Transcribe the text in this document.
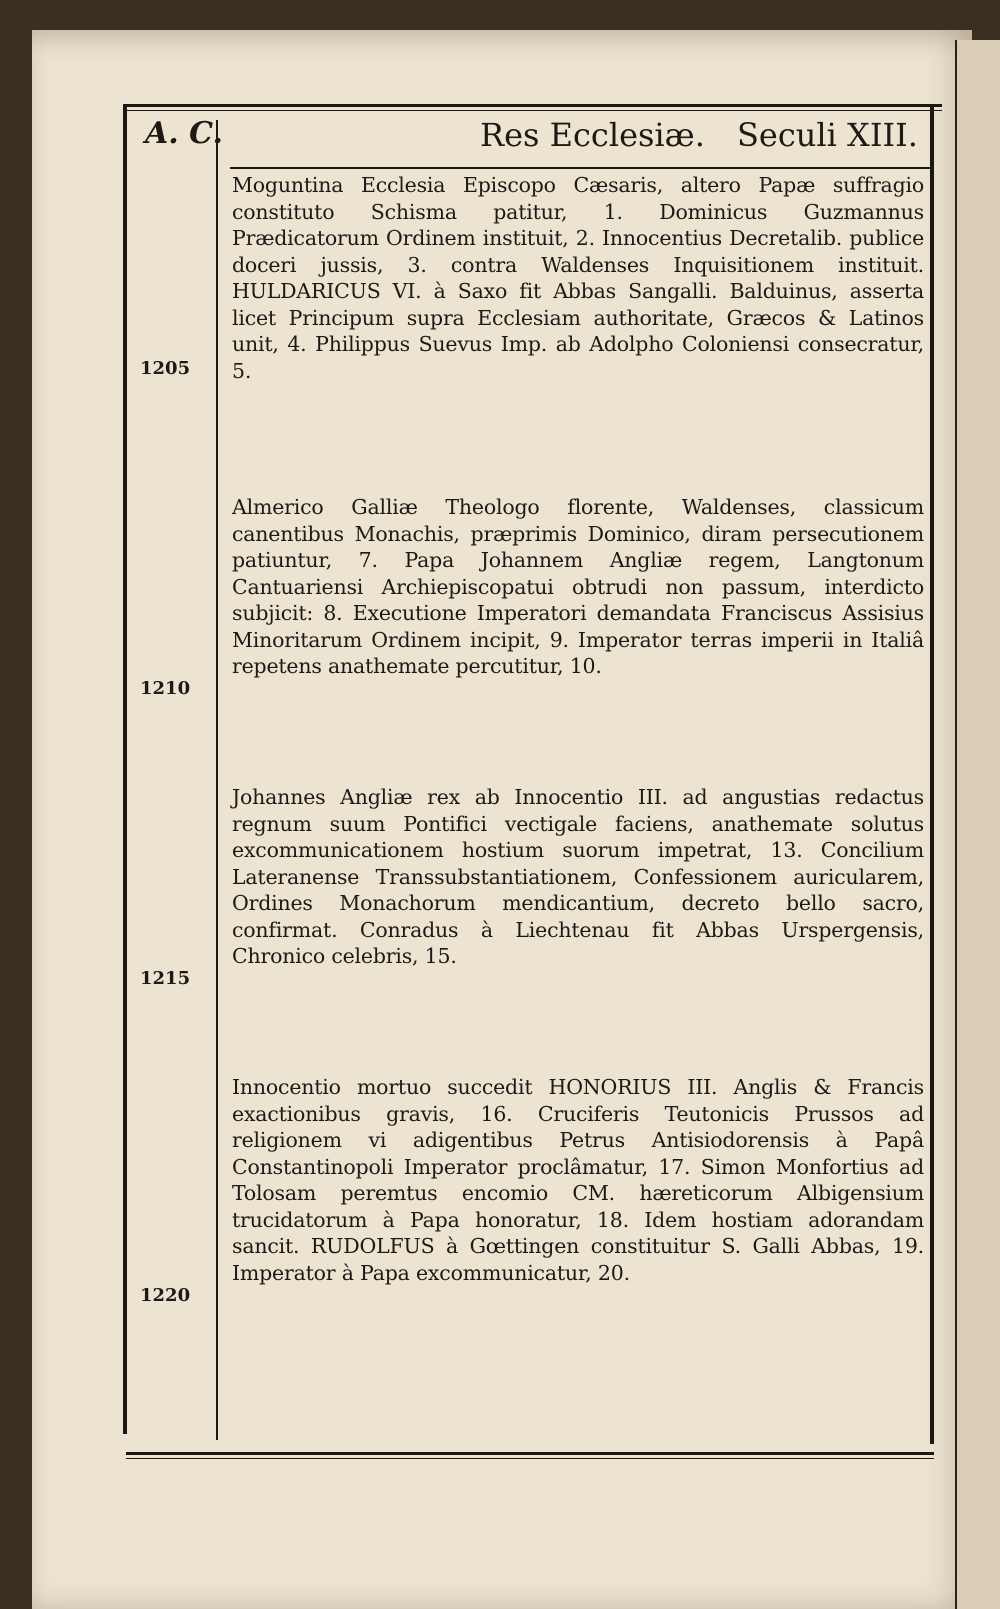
A. C.	Res Ecclesiæ. Seculi XIII.
Moguntina Ecclesia Episcopo Cæsaris, altero Papæ suffragio constituto Schisma patitur, 1. Dominicus Guzmannus Prædicatorum Ordinem instituit, 2. Innocentius Decretalib. publice doceri jussis, 3. contra Waldenses Inquisitionem instituit. HULDARICUS VI. à Saxo fit Abbas Sangalli. Balduinus, asserta licet Principum supra Ecclesiam authoritate, Græcos & Latinos unit, 4. Philippus Suevus Imp. ab Adolpho Coloniensi consecratur, 5.
1205
Almerico Galliæ Theologo florente, Waldenses, classicum canentibus Monachis, præprimis Dominico, diram persecutionem patiuntur, 7. Papa Johannem Angliæ regem, Langtonum Cantuariensi Archiepiscopatui obtrudi non passum, interdicto subjicit: 8. Executione Imperatori demandata Franciscus Assisius Minoritarum Ordinem incipit, 9. Imperator terras imperii in Italiâ repetens anathemate percutitur, 10.
1210
Johannes Angliæ rex ab Innocentio III. ad angustias redactus regnum suum Pontifici vectigale faciens, anathemate solutus excommunicationem hostium suorum impetrat, 13. Concilium Lateranense Transsubstantiationem, Confessionem auricularem, Ordines Monachorum mendicantium, decreto bello sacro, confirmat. Conradus à Liechtenau fit Abbas Urspergensis, Chronico celebris, 15.
1215
Innocentio mortuo succedit HONORIUS III. Anglis & Francis exactionibus gravis, 16. Cruciferis Teutonicis Prussos ad religionem vi adigentibus Petrus Antisiodorensis à Papâ Constantinopoli Imperator proclâmatur, 17. Simon Monfortius ad Tolosam peremtus encomio CM. hæreticorum Albigensium trucidatorum à Papa honoratur, 18. Idem hostiam adorandam sancit. RUDOLFUS à Gœttingen constituitur S. Galli Abbas, 19. Imperator à Papa excommunicatur, 20.
1220
